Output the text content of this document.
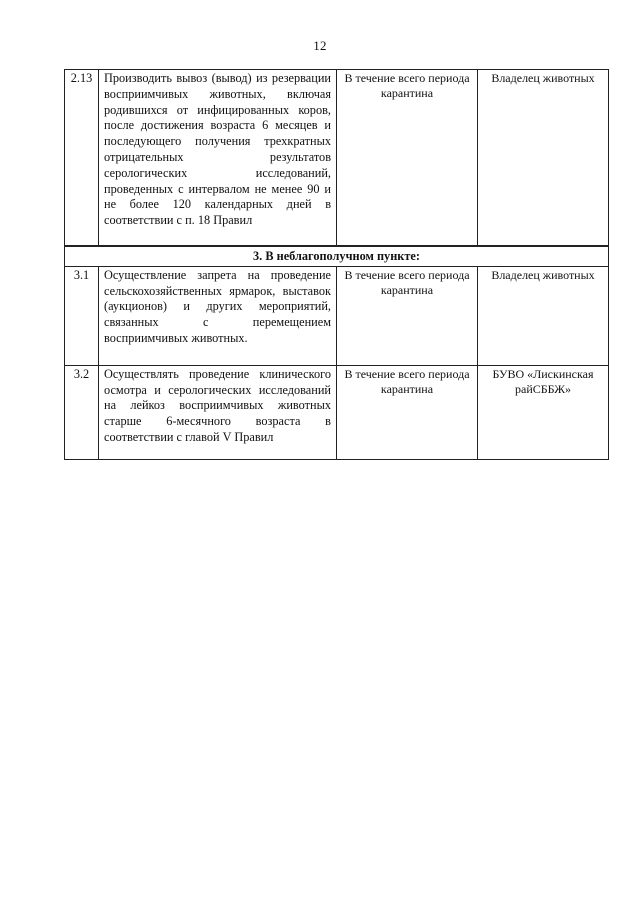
12
2.13	Производить вывоз (вывод) из резервации восприимчивых животных, включая родившихся от инфицированных коров, после достижения возраста 6 месяцев и последующего получения трехкратных отрицательных результатов серологических исследований, проведенных с интервалом не менее 90 и не более 120 календарных дней в соответствии с п. 18 Правил	В течение всего периода карантина	Владелец животных
3. В неблагополучном пункте:			
3.1	Осуществление запрета на проведение сельскохозяйственных ярмарок, выставок (аукционов) и других мероприятий, связанных с перемещением восприимчивых животных.	В течение всего периода карантина	Владелец животных
3.2	Осуществлять проведение клинического осмотра и серологических исследований на лейкоз восприимчивых животных старше 6-месячного возраста в соответствии с главой V Правил	В течение всего периода карантина	БУВО «Лискинская райСББЖ»
